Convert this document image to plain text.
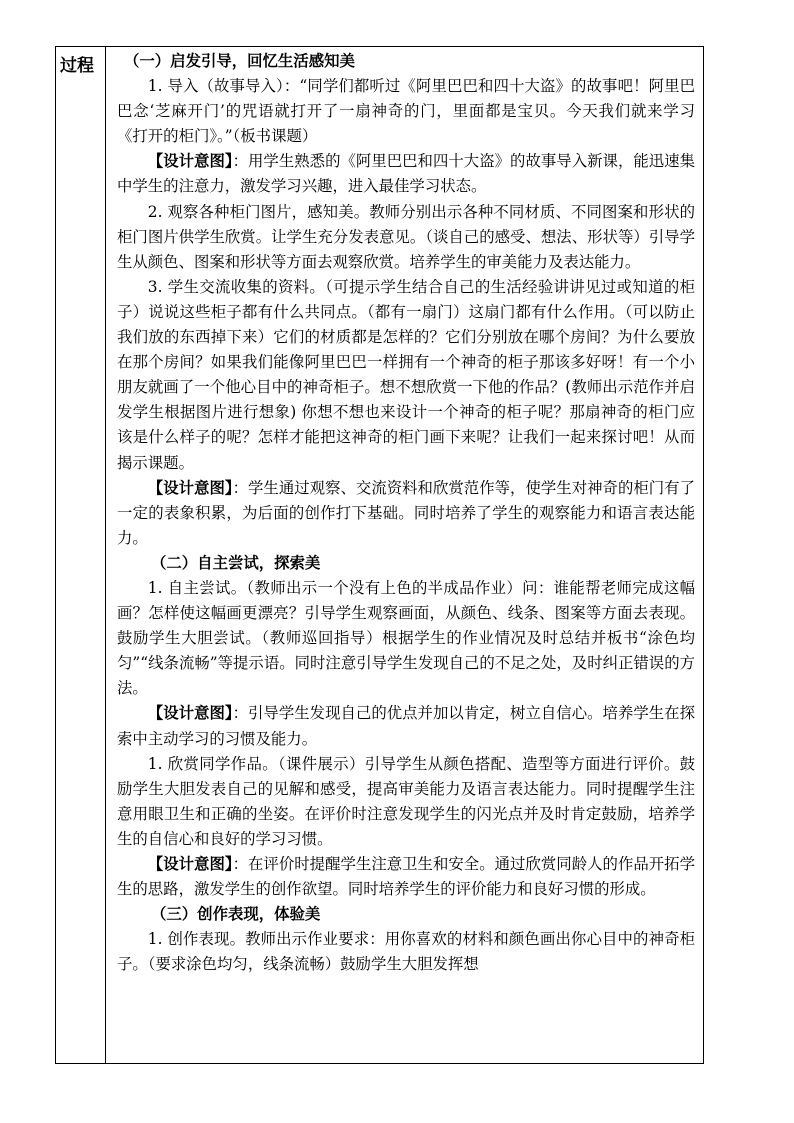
过程	（一）启发引导，回忆生活感知美

1. 导入（故事导入）：“同学们都听过《阿里巴巴和四十大盗》的故事吧！阿里巴巴念‘芝麻开门’的咒语就打开了一扇神奇的门，里面都是宝贝。今天我们就来学习《打开的柜门》。”（板书课题）

【设计意图】：用学生熟悉的《阿里巴巴和四十大盗》的故事导入新课，能迅速集中学生的注意力，激发学习兴趣，进入最佳学习状态。

2. 观察各种柜门图片，感知美。教师分别出示各种不同材质、不同图案和形状的柜门图片供学生欣赏。让学生充分发表意见。（谈自己的感受、想法、形状等）引导学生从颜色、图案和形状等方面去观察欣赏。培养学生的审美能力及表达能力。

3. 学生交流收集的资料。（可提示学生结合自己的生活经验讲讲见过或知道的柜子）说说这些柜子都有什么共同点。（都有一扇门）这扇门都有什么作用。（可以防止我们放的东西掉下来）它们的材质都是怎样的？它们分别放在哪个房间？为什么要放在那个房间？如果我们能像阿里巴巴一样拥有一个神奇的柜子那该多好呀！有一个小朋友就画了一个他心目中的神奇柜子。想不想欣赏一下他的作品？(教师出示范作并启发学生根据图片进行想象) 你想不想也来设计一个神奇的柜子呢？那扇神奇的柜门应该是什么样子的呢？怎样才能把这神奇的柜门画下来呢？让我们一起来探讨吧！从而揭示课题。

【设计意图】：学生通过观察、交流资料和欣赏范作等，使学生对神奇的柜门有了一定的表象积累，为后面的创作打下基础。同时培养了学生的观察能力和语言表达能力。

（二）自主尝试，探索美

1. 自主尝试。（教师出示一个没有上色的半成品作业）问：谁能帮老师完成这幅画？怎样使这幅画更漂亮？引导学生观察画面，从颜色、线条、图案等方面去表现。鼓励学生大胆尝试。（教师巡回指导）根据学生的作业情况及时总结并板书“涂色均匀”“线条流畅”等提示语。同时注意引导学生发现自己的不足之处，及时纠正错误的方法。

【设计意图】：引导学生发现自己的优点并加以肯定，树立自信心。培养学生在探索中主动学习的习惯及能力。

1. 欣赏同学作品。（课件展示）引导学生从颜色搭配、造型等方面进行评价。鼓励学生大胆发表自己的见解和感受，提高审美能力及语言表达能力。同时提醒学生注意用眼卫生和正确的坐姿。在评价时注意发现学生的闪光点并及时肯定鼓励，培养学生的自信心和良好的学习习惯。

【设计意图】：在评价时提醒学生注意卫生和安全。通过欣赏同龄人的作品开拓学生的思路，激发学生的创作欲望。同时培养学生的评价能力和良好习惯的形成。

（三）创作表现，体验美

1. 创作表现。教师出示作业要求：用你喜欢的材料和颜色画出你心目中的神奇柜子。（要求涂色均匀，线条流畅）鼓励学生大胆发挥想
